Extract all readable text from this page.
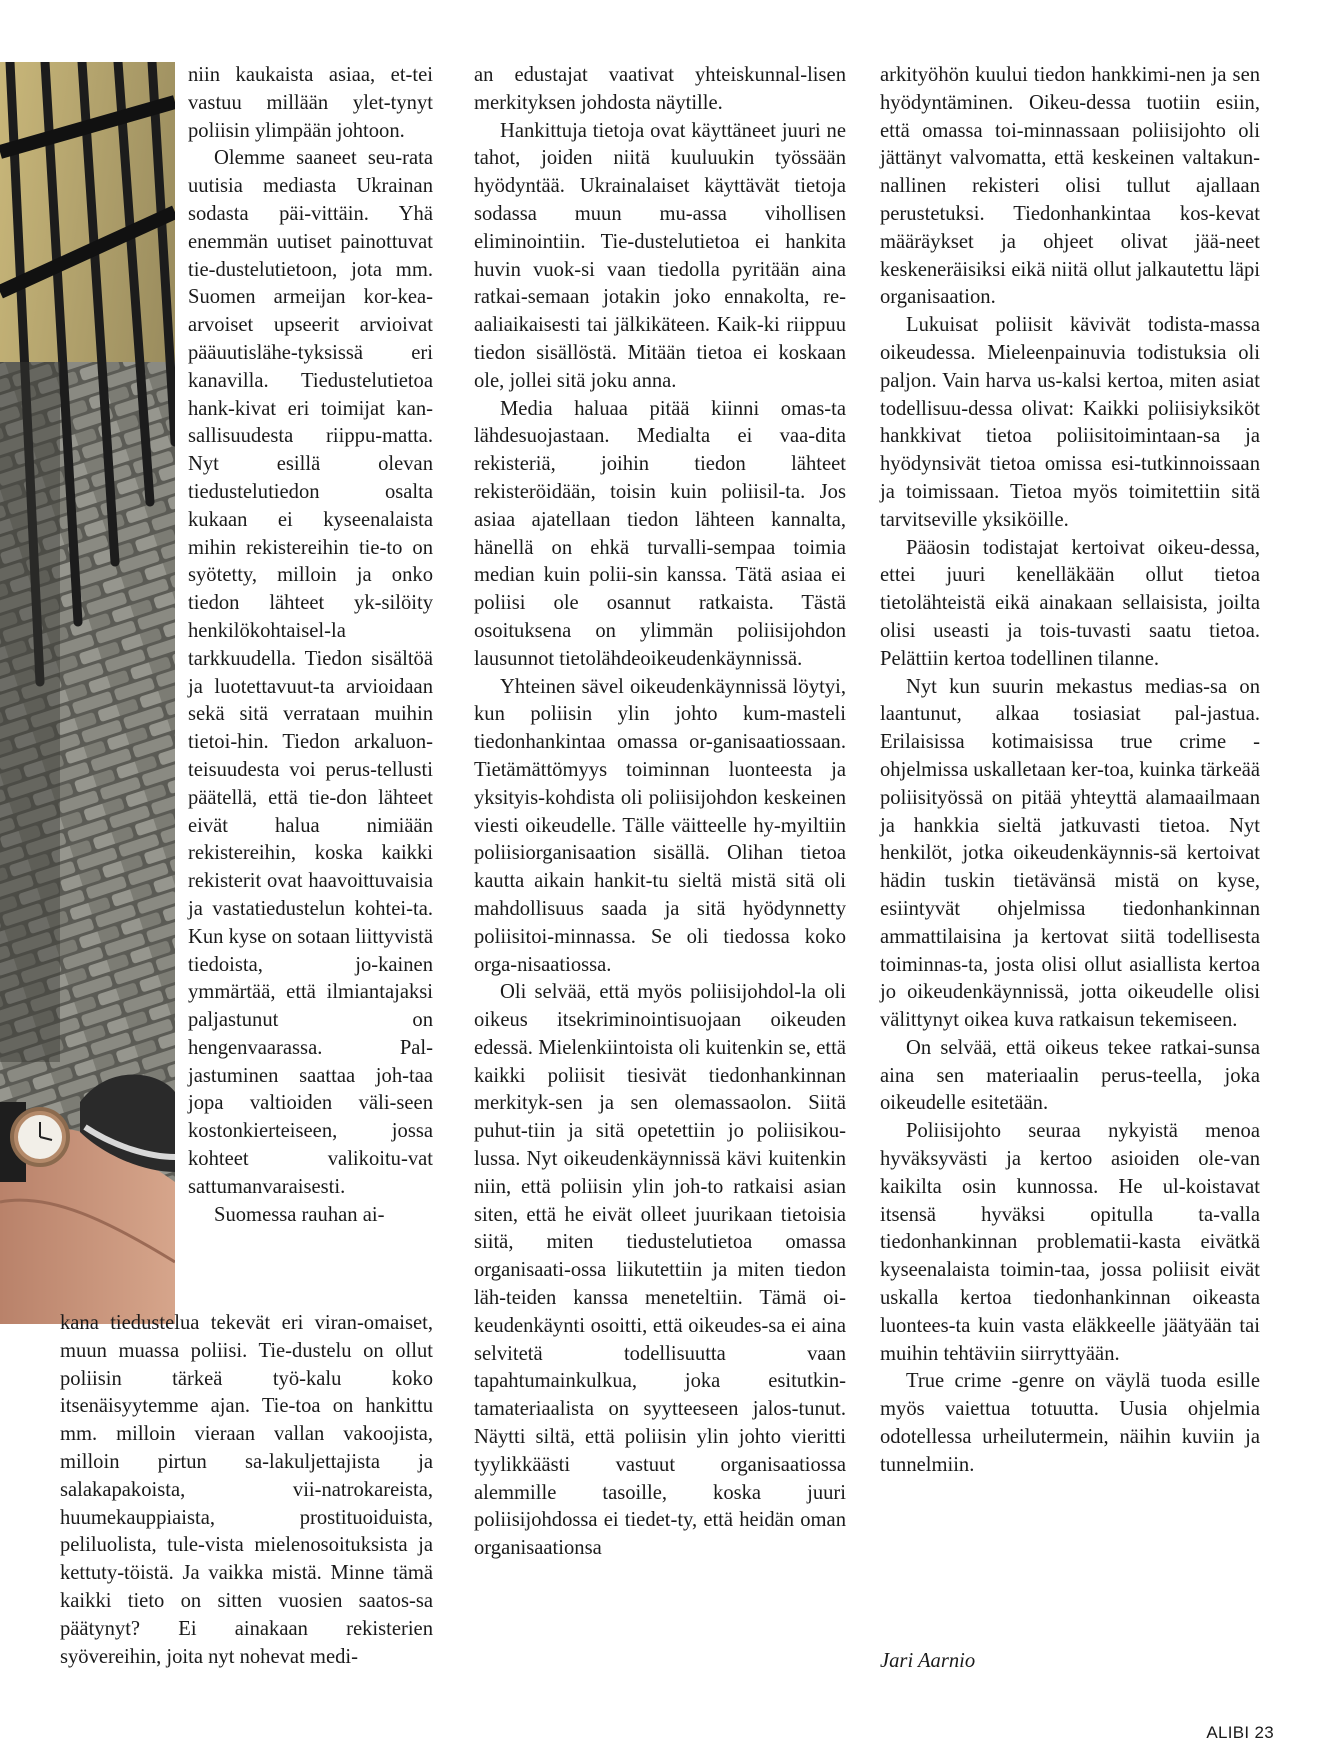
niin kaukaista asiaa, et-tei vastuu millään ylet-tynyt poliisin ylimpään johtoon.

Olemme saaneet seu-rata uutisia mediasta Ukrainan sodasta päi-vittäin. Yhä enemmän uutiset painottuvat tie-dustelutietoon, jota mm. Suomen armeijan kor-kea-arvoiset upseerit arvioivat pääuutislähe-tyksissä eri kanavilla. Tiedustelutietoa hank-kivat eri toimijat kan-sallisuudesta riippu-matta. Nyt esillä olevan tiedustelutiedon osalta kukaan ei kyseenalaista mihin rekistereihin tie-to on syötetty, milloin ja onko tiedon lähteet yk-silöity henkilökohtaisel-la tarkkuudella. Tiedon sisältöä ja luotettavuut-ta arvioidaan sekä sitä verrataan muihin tietoi-hin. Tiedon arkaluon-teisuudesta voi perus-tellusti päätellä, että tie-don lähteet eivät halua nimiään rekistereihin, koska kaikki rekisterit ovat haavoittuvaisia ja vastatiedustelun kohtei-ta. Kun kyse on sotaan liittyvistä tiedoista, jo-kainen ymmärtää, että ilmiantajaksi paljastunut on hengenvaarassa. Pal-jastuminen saattaa joh-taa jopa valtioiden väli-seen kostonkierteiseen, jossa kohteet valikoitu-vat sattumanvaraisesti.

Suomessa rauhan ai-

kana tiedustelua tekevät eri viran-omaiset, muun muassa poliisi. Tie-dustelu on ollut poliisin tärkeä työ-kalu koko itsenäisyytemme ajan. Tie-toa on hankittu mm. milloin vieraan vallan vakoojista, milloin pirtun sa-lakuljettajista ja salakapakoista, vii-natrokareista, huumekauppiaista, prostituoiduista, peliluolista, tule-vista mielenosoituksista ja kettuty-töistä. Ja vaikka mistä. Minne tämä kaikki tieto on sitten vuosien saatos-sa päätynyt? Ei ainakaan rekisterien syövereihin, joita nyt nohevat medi-

an edustajat vaativat yhteiskunnal-lisen merkityksen johdosta näytille.

Hankittuja tietoja ovat käyttäneet juuri ne tahot, joiden niitä kuuluukin työssään hyödyntää. Ukrainalaiset käyttävät tietoja sodassa muun mu-assa vihollisen eliminointiin. Tie-dustelutietoa ei hankita huvin vuok-si vaan tiedolla pyritään aina ratkai-semaan jotakin joko ennakolta, re-aaliaikaisesti tai jälkikäteen. Kaik-ki riippuu tiedon sisällöstä. Mitään tietoa ei koskaan ole, jollei sitä joku anna.

Media haluaa pitää kiinni omas-ta lähdesuojastaan. Medialta ei vaa-dita rekisteriä, joihin tiedon lähteet rekisteröidään, toisin kuin poliisil-ta. Jos asiaa ajatellaan tiedon lähteen kannalta, hänellä on ehkä turvalli-sempaa toimia median kuin polii-sin kanssa. Tätä asiaa ei poliisi ole osannut ratkaista. Tästä osoituksena on ylimmän poliisijohdon lausunnot tietolähdeoikeudenkäynnissä.

Yhteinen sävel oikeudenkäynnissä löytyi, kun poliisin ylin johto kum-masteli tiedonhankintaa omassa or-ganisaatiossaan. Tietämättömyys toiminnan luonteesta ja yksityis-kohdista oli poliisijohdon keskeinen viesti oikeudelle. Tälle väitteelle hy-myiltiin poliisiorganisaation sisällä. Olihan tietoa kautta aikain hankit-tu sieltä mistä sitä oli mahdollisuus saada ja sitä hyödynnetty poliisitoi-minnassa. Se oli tiedossa koko orga-nisaatiossa.

Oli selvää, että myös poliisijohdol-la oli oikeus itsekriminointisuojaan oikeuden edessä. Mielenkiintoista oli kuitenkin se, että kaikki poliisit tiesivät tiedonhankinnan merkityk-sen ja sen olemassaolon. Siitä puhut-tiin ja sitä opetettiin jo poliisikou-lussa. Nyt oikeudenkäynnissä kävi kuitenkin niin, että poliisin ylin joh-to ratkaisi asian siten, että he eivät olleet juurikaan tietoisia siitä, miten tiedustelutietoa omassa organisaati-ossa liikutettiin ja miten tiedon läh-teiden kanssa meneteltiin. Tämä oi-keudenkäynti osoitti, että oikeudes-sa ei aina selvitetä todellisuutta vaan tapahtumainkulkua, joka esitutkin-tamateriaalista on syytteeseen jalos-tunut. Näytti siltä, että poliisin ylin johto vieritti tyylikkäästi vastuut organisaatiossa alemmille tasoille, koska juuri poliisijohdossa ei tiedet-ty, että heidän oman organisaationsa

arkityöhön kuului tiedon hankkimi-nen ja sen hyödyntäminen. Oikeu-dessa tuotiin esiin, että omassa toi-minnassaan poliisijohto oli jättänyt valvomatta, että keskeinen valtakun-nallinen rekisteri olisi tullut ajallaan perustetuksi. Tiedonhankintaa kos-kevat määräykset ja ohjeet olivat jää-neet keskeneräisiksi eikä niitä ollut jalkautettu läpi organisaation.

Lukuisat poliisit kävivät todista-massa oikeudessa. Mieleenpainuvia todistuksia oli paljon. Vain harva us-kalsi kertoa, miten asiat todellisuu-dessa olivat: Kaikki poliisiyksiköt hankkivat tietoa poliisitoimintaan-sa ja hyödynsivät tietoa omissa esi-tutkinnoissaan ja toimissaan. Tietoa myös toimitettiin sitä tarvitseville yksiköille.

Pääosin todistajat kertoivat oikeu-dessa, ettei juuri kenelläkään ollut tietoa tietolähteistä eikä ainakaan sellaisista, joilta olisi useasti ja tois-tuvasti saatu tietoa. Pelättiin kertoa todellinen tilanne.

Nyt kun suurin mekastus medias-sa on laantunut, alkaa tosiasiat pal-jastua. Erilaisissa kotimaisissa true crime -ohjelmissa uskalletaan ker-toa, kuinka tärkeää poliisityössä on pitää yhteyttä alamaailmaan ja hankkia sieltä jatkuvasti tietoa. Nyt henkilöt, jotka oikeudenkäynnis-sä kertoivat hädin tuskin tietävänsä mistä on kyse, esiintyvät ohjelmissa tiedonhankinnan ammattilaisina ja kertovat siitä todellisesta toiminnas-ta, josta olisi ollut asiallista kertoa jo oikeudenkäynnissä, jotta oikeudelle olisi välittynyt oikea kuva ratkaisun tekemiseen.

On selvää, että oikeus tekee ratkai-sunsa aina sen materiaalin perus-teella, joka oikeudelle esitetään.

Poliisijohto seuraa nykyistä menoa hyväksyvästi ja kertoo asioiden ole-van kaikilta osin kunnossa. He ul-koistavat itsensä hyväksi opitulla ta-valla tiedonhankinnan problematii-kasta eivätkä kyseenalaista toimin-taa, jossa poliisit eivät uskalla kertoa tiedonhankinnan oikeasta luontees-ta kuin vasta eläkkeelle jäätyään tai muihin tehtäviin siirryttyään.

True crime -genre on väylä tuoda esille myös vaiettua totuutta. Uusia ohjelmia odotellessa urheilutermein, näihin kuviin ja tunnelmiin.

Jari Aarnio
ALIBI 23
